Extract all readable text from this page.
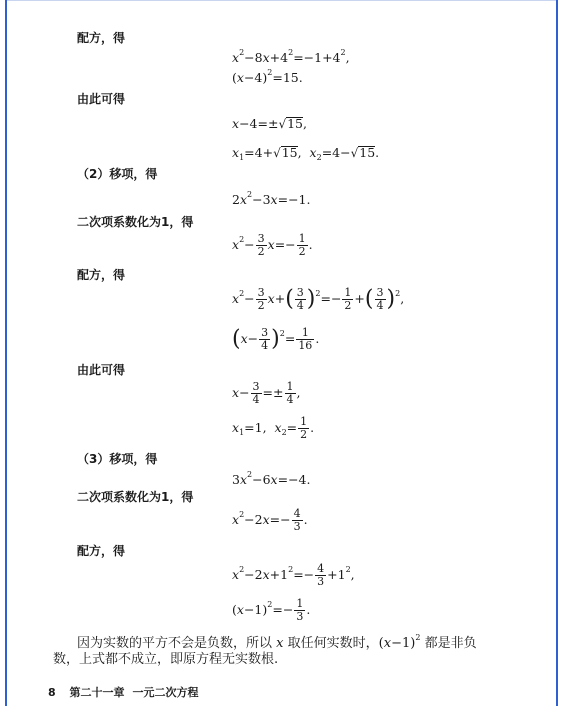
配方，得
$x^2-8x+4^2=-1+4^2$,
$(x-4)^2=15$.
由此可得
x−4=±√15,
$x_1=4+√15$,  $x_2=4-√15$.
（2）移项，得
$2x^2-3x=-1$.
二次项系数化为1，得
$x^2- \frac{3}{2} x=- \frac{1}{2}$ .
配方，得
$x^2- \frac{3}{2} x+( \frac{3}{4} )^2=- \frac{1}{2}$ +( $\frac{3}{4} )^2$,
$(x- \frac{3}{4} )^2= \frac{1}{16}$ .
由此可得
$x- \frac{3}{4} =\pm \frac{1}{4}$ ,
$x_1=1$,  $x_2= \frac{1}{2}$ .
（3）移项，得
$3x^2-6x=-4$.
二次项系数化为1，得
$x^2-2x=- \frac{4}{3}$ .
配方，得
$x^2-2x+1^2=- \frac{4}{3} +1^2$,
$(x-1)^2=- \frac{1}{3}$ .
因为实数的平方不会是负数，所以 x 取任何实数时，$(x-1)^2$ 都是非负
数，上式都不成立，即原方程无实数根.
8 第二十一章 一元二次方程
